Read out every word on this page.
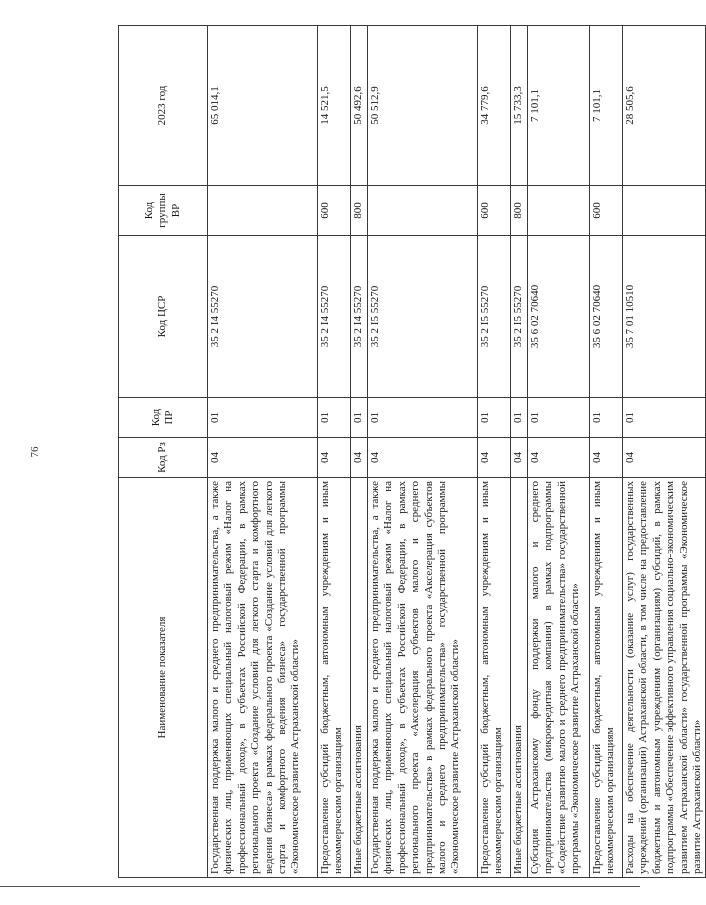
76
Наименование показателя	Код Рз	Код ПР	Код ЦСР	Код группы ВР	2023 год
Государственная поддержка малого и среднего предпринимательства, а также физических лиц, применяющих специальный налоговый режим «Налог на профессиональный доход», в субъектах Российской Федерации, в рамках регионального проекта «Создание условий для легкого старта и комфортного ведения бизнеса» в рамках федерального проекта «Создание условий для легкого старта и комфортного ведения бизнеса» государственной программы «Экономическое развитие Астраханской области»	04	01	35 2 I4 55270		65 014,1
Предоставление субсидий бюджетным, автономным учреждениям и иным некоммерческим организациям	04	01	35 2 I4 55270	600	14 521,5
Иные бюджетные ассигнования	04	01	35 2 I4 55270	800	50 492,6
Государственная поддержка малого и среднего предпринимательства, а также физических лиц, применяющих специальный налоговый режим «Налог на профессиональный доход», в субъектах Российской Федерации, в рамках регионального проекта «Акселерация субъектов малого и среднего предпринимательства» в рамках федерального проекта «Акселерация субъектов малого и среднего предпринимательства» государственной программы «Экономическое развитие Астраханской области»	04	01	35 2 I5 55270		50 512,9
Предоставление субсидий бюджетным, автономным учреждениям и иным некоммерческим организациям	04	01	35 2 I5 55270	600	34 779,6
Иные бюджетные ассигнования	04	01	35 2 I5 55270	800	15 733,3
Субсидия Астраханскому фонду поддержки малого и среднего предпринимательства (микрокредитная компания) в рамках подпрограммы «Содействие развитию малого и среднего предпринимательства» государственной программы «Экономическое развитие Астраханской области»	04	01	35 6 02 70640		7 101,1
Предоставление субсидий бюджетным, автономным учреждениям и иным некоммерческим организациям	04	01	35 6 02 70640	600	7 101,1
Расходы на обеспечение деятельности (оказание услуг) государственных учреждений (организаций) Астраханской области, в том числе на предоставление бюджетным и автономным учреждениям (организациям) субсидий, в рамках подпрограммы «Обеспечение эффективного управления социально-экономическим развитием Астраханской области» государственной программы «Экономическое развитие Астраханской области»	04	01	35 7 01 10510		28 505,6
